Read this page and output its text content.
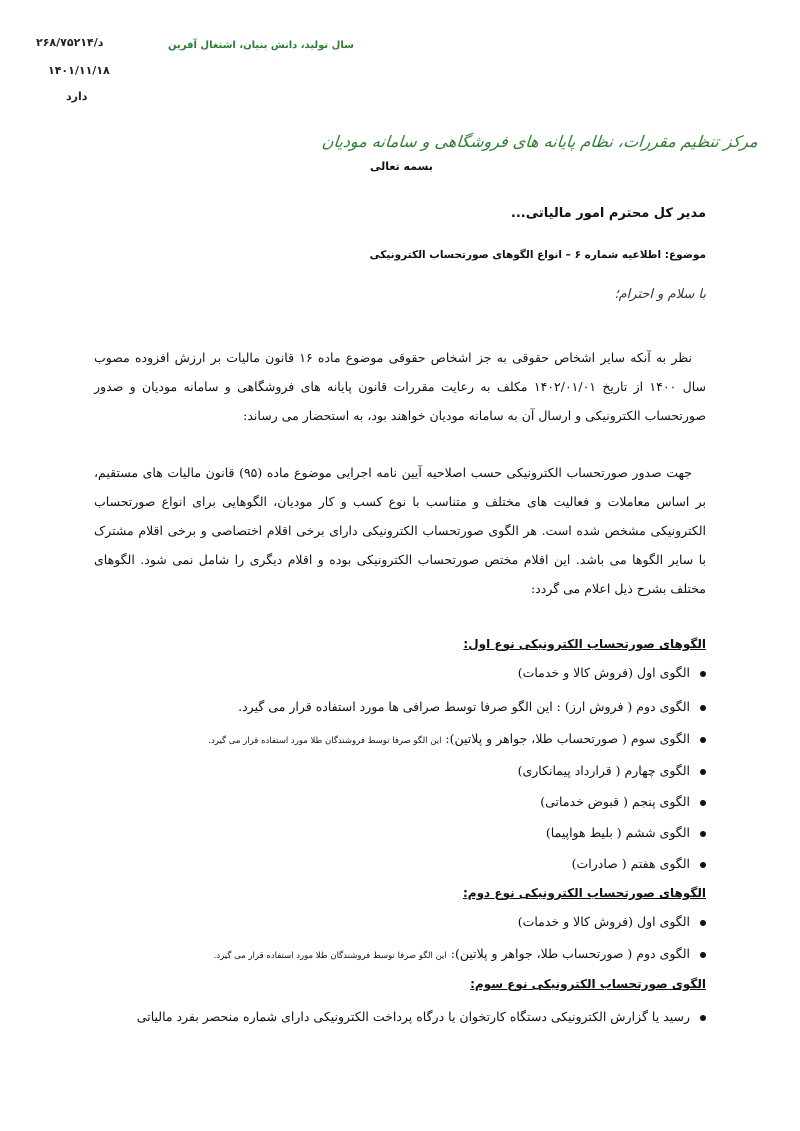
د/۲۶۸/۷۵۲۱۴
۱۴۰۱/۱۱/۱۸
دارد
سال تولید، دانش بنیان، اشتغال آفرین
مرکز تنظیم مقررات، نظام پایانه های فروشگاهی و سامانه مودیان
بسمه تعالی
مدیر کل محترم امور مالیاتی...
موضوع: اطلاعیه شماره ۶ – انواع الگوهای صورتحساب الکترونیکی
با سلام و احترام؛

نظر به آنکه سایر اشخاص حقوقی به جز اشخاص حقوقی موضوع ماده ۱۶ قانون مالیات بر ارزش افزوده مصوب سال ۱۴۰۰ از تاریخ ۱۴۰۲/۰۱/۰۱ مکلف به رعایت مقررات قانون پایانه های فروشگاهی و سامانه مودیان و صدور صورتحساب الکترونیکی و ارسال آن به سامانه مودیان خواهند بود، به استحضار می رساند:

جهت صدور صورتحساب الکترونیکی حسب اصلاحیه آیین نامه اجرایی موضوع ماده (۹۵) قانون مالیات های مستقیم، بر اساس معاملات و فعالیت های مختلف و متناسب با نوع کسب و کار مودیان، الگوهایی برای انواع صورتحساب الکترونیکی مشخص شده است. هر الگوی صورتحساب الکترونیکی دارای برخی اقلام اختصاصی و برخی اقلام مشترک با سایر الگوها می باشد. این اقلام مختص صورتحساب الکترونیکی بوده و اقلام دیگری را شامل نمی شود. الگوهای مختلف بشرح ذیل اعلام می گردد:

الگوهای صورتحساب الکترونیکی نوع اول:
الگوی اول (فروش کالا و خدمات)
الگوی دوم ( فروش ارز) : این الگو صرفا توسط صرافی ها مورد استفاده قرار می گیرد.
الگوی سوم ( صورتحساب طلا، جواهر و پلاتین): این الگو صرفا توسط فروشندگان طلا مورد استفاده قرار می گیرد.
الگوی چهارم ( قرارداد پیمانکاری)
الگوی پنجم ( قبوض خدماتی)
الگوی ششم ( بلیط هواپیما)
الگوی هفتم ( صادرات)
الگوهای صورتحساب الکترونیکی نوع دوم:
الگوی اول (فروش کالا و خدمات)
الگوی دوم ( صورتحساب طلا، جواهر و پلاتین): این الگو صرفا توسط فروشندگان طلا مورد استفاده قرار می گیرد.
الگوی صورتحساب الکترونیکی نوع سوم:
رسید یا گزارش الکترونیکی دستگاه کارتخوان یا درگاه پرداخت الکترونیکی دارای شماره منحصر بفرد مالیاتی
